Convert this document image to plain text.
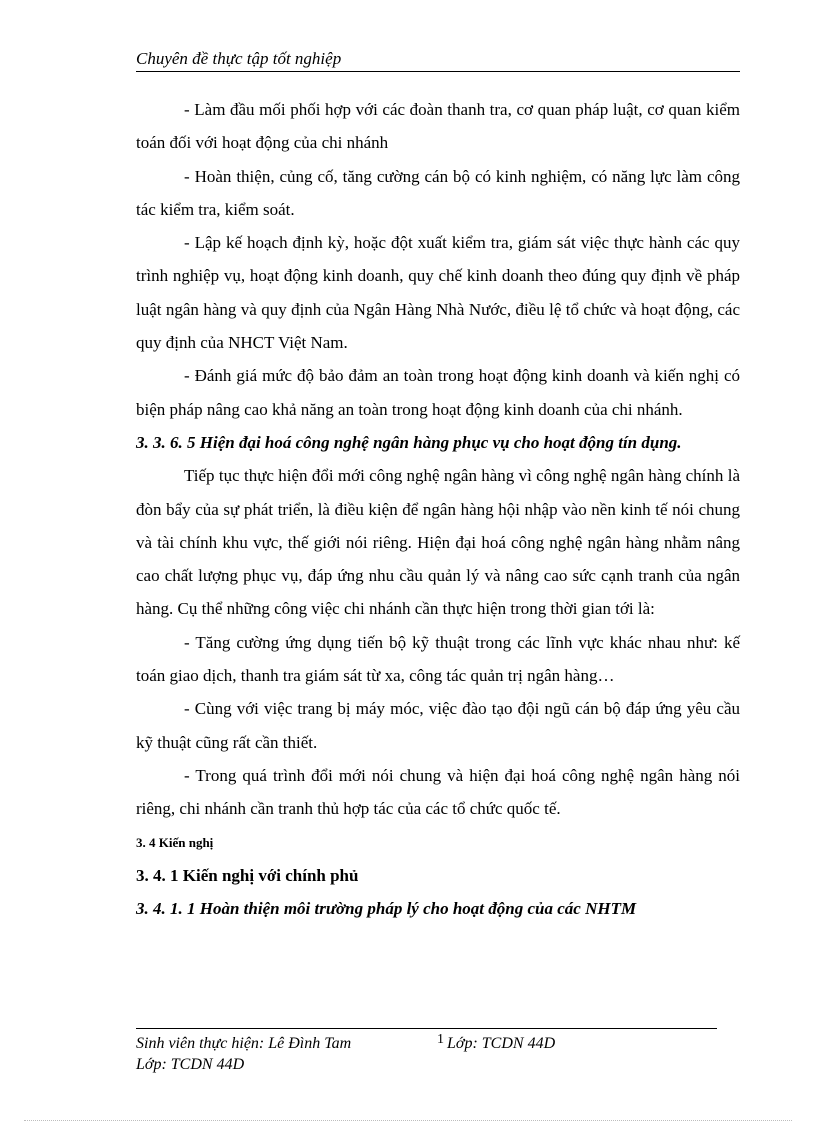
Chuyên đề thực tập tốt nghiệp

- Làm đầu mối phối hợp với các đoàn thanh tra, cơ quan pháp luật, cơ quan kiểm toán đối với hoạt động của chi nhánh

- Hoàn thiện, củng cố, tăng cường cán bộ có kinh nghiệm, có năng lực làm công tác kiểm tra, kiểm soát.

- Lập kế hoạch định kỳ, hoặc đột xuất kiểm tra, giám sát việc thực hành các quy trình nghiệp vụ, hoạt động kinh doanh, quy chế kinh doanh theo đúng quy định về pháp luật ngân hàng và quy định của Ngân Hàng Nhà Nước, điều lệ tổ chức và hoạt động, các quy định của NHCT Việt Nam.

- Đánh giá mức độ bảo đảm an toàn trong hoạt động kinh doanh và kiến nghị có biện pháp nâng cao khả năng an toàn trong hoạt động kinh doanh của chi nhánh.

3. 3. 6. 5 Hiện đại hoá công nghệ ngân hàng phục vụ cho hoạt động tín dụng.

Tiếp tục thực hiện đổi mới công nghệ ngân hàng vì công nghệ ngân hàng chính là đòn bẩy của sự phát triển, là điều kiện để ngân hàng hội nhập vào nền kinh tế nói chung và tài chính khu vực, thế giới nói riêng. Hiện đại hoá công nghệ ngân hàng nhằm nâng cao chất lượng phục vụ, đáp ứng nhu cầu quản lý và nâng cao sức cạnh tranh của ngân hàng. Cụ thể những công việc chi nhánh cần thực hiện trong thời gian tới là:

- Tăng cường ứng dụng tiến bộ kỹ thuật trong các lĩnh vực khác nhau như: kế toán giao dịch, thanh tra giám sát từ xa, công tác quản trị ngân hàng…

- Cùng với việc trang bị máy móc, việc đào tạo đội ngũ cán bộ đáp ứng yêu cầu kỹ thuật cũng rất cần thiết.

- Trong quá trình đổi mới nói chung và hiện đại hoá công nghệ ngân hàng nói riêng, chi nhánh cần tranh thủ hợp tác của các tổ chức quốc tế.

3. 4 Kiến nghị

3. 4. 1 Kiến nghị với chính phủ

3. 4. 1. 1 Hoàn thiện môi trường pháp lý cho hoạt động của các NHTM

Sinh viên thực hiện: Lê Đình Tam	1 Lớp: TCDN 44D
Lớp: TCDN 44D
